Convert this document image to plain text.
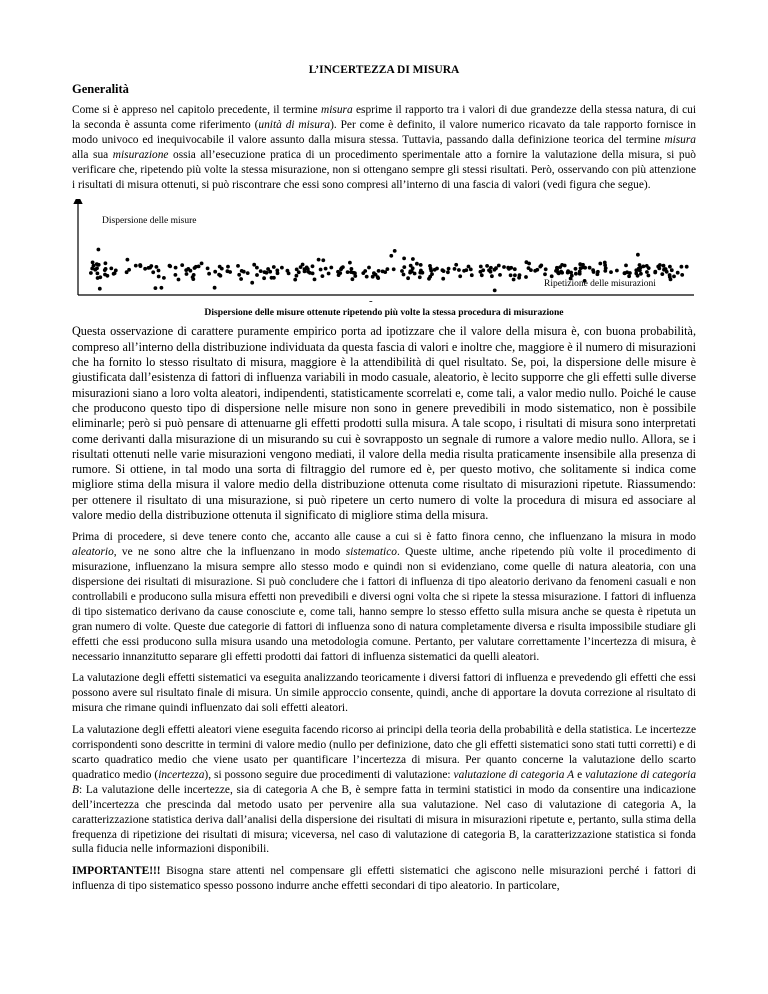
L’INCERTEZZA DI MISURA
Generalità

Come si è appreso nel capitolo precedente, il termine misura esprime il rapporto tra i valori di due grandezze della stessa natura, di cui la seconda è assunta come riferimento (unità di misura). Per come è definito, il valore numerico ricavato da tale rapporto fornisce in modo univoco ed inequivocabile il valore assunto dalla misura stessa. Tuttavia, passando dalla definizione teorica del termine misura alla sua misurazione ossia all’esecuzione pratica di un procedimento sperimentale atto a fornire la valutazione della misura, si può verificare che, ripetendo più volte la stessa misurazione, non si ottengano sempre gli stessi risultati. Però, osservando con più attenzione i risultati di misura ottenuti, si può riscontrare che essi sono compresi all’interno di una fascia di valori (vedi figura che segue).

Dispersione delle misure
Ripetizione delle misurazioni
-
Dispersione delle misure ottenute ripetendo più volte la stessa procedura di misurazione

Questa osservazione di carattere puramente empirico porta ad ipotizzare che il valore della misura è, con buona probabilità, compreso all’interno della distribuzione individuata da questa fascia di valori e inoltre che, maggiore è il numero di misurazioni che ha fornito lo stesso risultato di misura, maggiore è la attendibilità di quel risultato. Se, poi, la dispersione delle misure è giustificata dall’esistenza di fattori di influenza variabili in modo casuale, aleatorio, è lecito supporre che gli effetti sulle diverse misurazioni siano a loro volta aleatori, indipendenti, statisticamente scorrelati e, come tali, a valor medio nullo. Poiché le cause che producono questo tipo di dispersione nelle misure non sono in genere prevedibili in modo sistematico, non è possibile eliminarle; però si può pensare di attenuarne gli effetti prodotti sulla misura. A tale scopo, i risultati di misura sono interpretati come derivanti dalla misurazione di un misurando su cui è sovrapposto un segnale di rumore a valore medio nullo. Allora, se i risultati ottenuti nelle varie misurazioni vengono mediati, il valore della media risulta praticamente insensibile alla presenza di rumore. Si ottiene, in tal modo una sorta di filtraggio del rumore ed è, per questo motivo, che solitamente si indica come migliore stima della misura il valore medio della distribuzione ottenuta come risultato di misurazioni ripetute. Riassumendo: per ottenere il risultato di una misurazione, si può ripetere un certo numero di volte la procedura di misura ed associare al valore medio della distribuzione ottenuta il significato di migliore stima della misura.

Prima di procedere, si deve tenere conto che, accanto alle cause a cui si è fatto finora cenno, che influenzano la misura in modo aleatorio, ve ne sono altre che la influenzano in modo sistematico. Queste ultime, anche ripetendo più volte il procedimento di misurazione, influenzano la misura sempre allo stesso modo e quindi non si evidenziano, come quelle di natura aleatoria, con una dispersione dei risultati di misurazione. Si può concludere che i fattori di influenza di tipo aleatorio derivano da fenomeni casuali e non controllabili e producono sulla misura effetti non prevedibili e diversi ogni volta che si ripete la stessa misurazione. I fattori di influenza di tipo sistematico derivano da cause conosciute e, come tali, hanno sempre lo stesso effetto sulla misura anche se questa è ripetuta un gran numero di volte. Queste due categorie di fattori di influenza sono di natura completamente diversa e risulta impossibile studiare gli effetti che essi producono sulla misura usando una metodologia comune. Pertanto, per valutare correttamente l’incertezza di misura, è necessario innanzitutto separare gli effetti prodotti dai fattori di influenza sistematici da quelli aleatori.

La valutazione degli effetti sistematici va eseguita analizzando teoricamente i diversi fattori di influenza e prevedendo gli effetti che essi possono avere sul risultato finale di misura. Un simile approccio consente, quindi, anche di apportare la dovuta correzione al risultato di misura che rimane quindi influenzato dai soli effetti aleatori.

La valutazione degli effetti aleatori viene eseguita facendo ricorso ai principi della teoria della probabilità e della statistica. Le incertezze corrispondenti sono descritte in termini di valore medio (nullo per definizione, dato che gli effetti sistematici sono stati tutti corretti) e di scarto quadratico medio che viene usato per quantificare l’incertezza di misura. Per quanto concerne la valutazione dello scarto quadratico medio (incertezza), si possono seguire due procedimenti di valutazione: valutazione di categoria A e valutazione di categoria B: La valutazione delle incertezze, sia di categoria A che B, è sempre fatta in termini statistici in modo da consentire una indicazione dell’incertezza che prescinda dal metodo usato per pervenire alla sua valutazione. Nel caso di valutazione di categoria A, la caratterizzazione statistica deriva dall’analisi della dispersione dei risultati di misura in misurazioni ripetute e, pertanto, sulla stima della frequenza di ripetizione dei risultati di misura; viceversa, nel caso di valutazione di categoria B, la caratterizzazione statistica si fonda sulla fiducia nelle informazioni disponibili.

IMPORTANTE!!! Bisogna stare attenti nel compensare gli effetti sistematici che agiscono nelle misurazioni perché i fattori di influenza di tipo sistematico spesso possono indurre anche effetti secondari di tipo aleatorio. In particolare,
